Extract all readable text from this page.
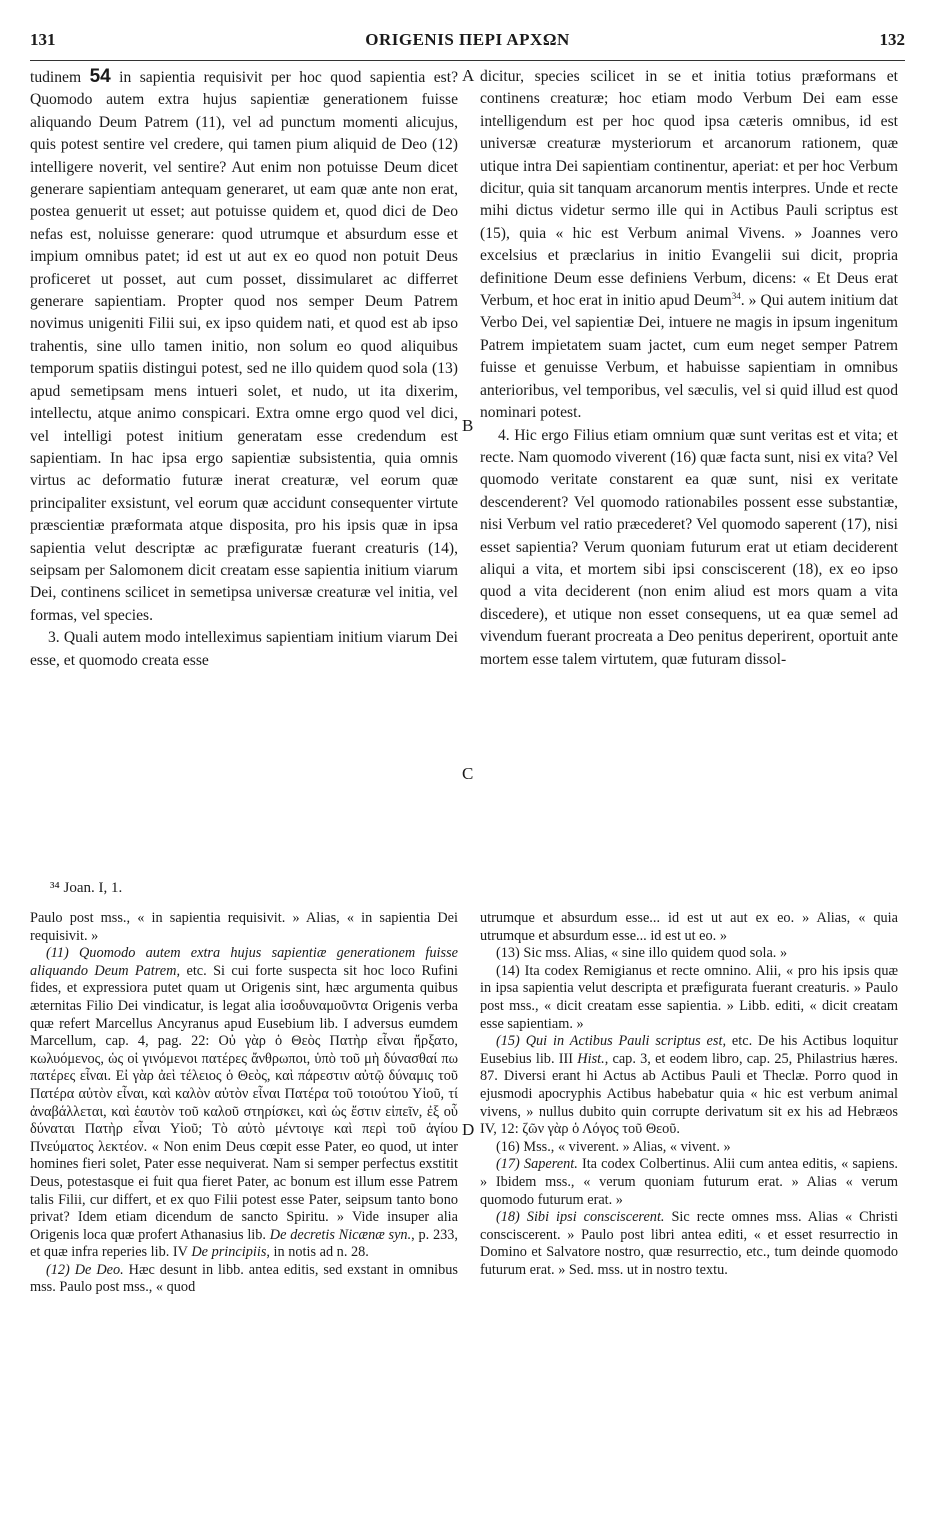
131	ORIGENIS ΠΕΡΙ ΑΡΧΩΝ	132

tudinem 54 in sapientia requisivit per hoc quod sapientia est? Quomodo autem extra hujus sapientiæ generationem fuisse aliquando Deum Patrem (11), vel ad punctum momenti alicujus, quis potest sentire vel credere, qui tamen pium aliquid de Deo (12) intelligere noverit, vel sentire? Aut enim non potuisse Deum dicet generare sapientiam antequam generaret, ut eam quæ ante non erat, postea genuerit ut esset; aut potuisse quidem et, quod dici de Deo nefas est, noluisse generare: quod utrumque et absurdum esse et impium omnibus patet; id est ut aut ex eo quod non potuit Deus proficeret ut posset, aut cum posset, dissimularet ac differret generare sapientiam. Propter quod nos semper Deum Patrem novimus unigeniti Filii sui, ex ipso quidem nati, et quod est ab ipso trahentis, sine ullo tamen initio, non solum eo quod aliquibus temporum spatiis distingui potest, sed ne illo quidem quod sola (13) apud semetipsam mens intueri solet, et nudo, ut ita dixerim, intellectu, atque animo conspicari. Extra omne ergo quod vel dici, vel intelligi potest initium generatam esse credendum est sapientiam. In hac ipsa ergo sapientiæ subsistentia, quia omnis virtus ac deformatio futuræ inerat creaturæ, vel eorum quæ principaliter exsistunt, vel eorum quæ accidunt consequenter virtute præscientiæ præformata atque disposita, pro his ipsis quæ in ipsa sapientia velut descriptæ ac præfiguratæ fuerant creaturis (14), seipsam per Salomonem dicit creatam esse sapientia initium viarum Dei, continens scilicet in semetipsa universæ creaturæ vel initia, vel formas, vel species.

3. Quali autem modo intelleximus sapientiam initium viarum Dei esse, et quomodo creata esse

A
B
C
D

dicitur, species scilicet in se et initia totius præformans et continens creaturæ; hoc etiam modo Verbum Dei eam esse intelligendum est per hoc quod ipsa cæteris omnibus, id est universæ creaturæ mysteriorum et arcanorum rationem, quæ utique intra Dei sapientiam continentur, aperiat: et per hoc Verbum dicitur, quia sit tanquam arcanorum mentis interpres. Unde et recte mihi dictus videtur sermo ille qui in Actibus Pauli scriptus est (15), quia « hic est Verbum animal Vivens. » Joannes vero excelsius et præclarius in initio Evangelii sui dicit, propria definitione Deum esse definiens Verbum, dicens: « Et Deus erat Verbum, et hoc erat in initio apud Deum$^{34}$. » Qui autem initium dat Verbo Dei, vel sapientiæ Dei, intuere ne magis in ipsum ingenitum Patrem impietatem suam jactet, cum eum neget semper Patrem fuisse et genuisse Verbum, et habuisse sapientiam in omnibus anterioribus, vel temporibus, vel sæculis, vel si quid illud est quod nominari potest.

4. Hic ergo Filius etiam omnium quæ sunt veritas est et vita; et recte. Nam quomodo viverent (16) quæ facta sunt, nisi ex vita? Vel quomodo veritate constarent ea quæ sunt, nisi ex veritate descenderent? Vel quomodo rationabiles possent esse substantiæ, nisi Verbum vel ratio præcederet? Vel quomodo saperent (17), nisi esset sapientia? Verum quoniam futurum erat ut etiam deciderent aliqui a vita, et mortem sibi ipsi consciscerent (18), ex eo ipso quod a vita deciderent (non enim aliud est mors quam a vita discedere), et utique non esset consequens, ut ea quæ semel ad vivendum fuerant procreata a Deo penitus deperirent, oportuit ante mortem esse talem virtutem, quæ futuram dissol-

³⁴ Joan. I, 1.

Paulo post mss., « in sapientia requisivit. » Alias, « in sapientia Dei requisivit. »

(11) Quomodo autem extra hujus sapientiæ generationem fuisse aliquando Deum Patrem, etc. Si cui forte suspecta sit hoc loco Rufini fides, et expressiora putet quam ut Origenis sint, hæc argumenta quibus æternitas Filio Dei vindicatur, is legat alia ἰσοδυναμοῦντα Origenis verba quæ refert Marcellus Ancyranus apud Eusebium lib. I adversus eumdem Marcellum, cap. 4, pag. 22: Οὐ γὰρ ὁ Θεὸς Πατὴρ εἶναι ἤρξατο, κωλυόμενος, ὡς οἱ γινόμενοι πατέρες ἄνθρωποι, ὑπὸ τοῦ μὴ δύνασθαί πω πατέρες εἶναι. Εἰ γὰρ ἀεὶ τέλειος ὁ Θεὸς, καὶ πάρεστιν αὐτῷ δύναμις τοῦ Πατέρα αὐτὸν εἶναι, καὶ καλὸν αὐτὸν εἶναι Πατέρα τοῦ τοιούτου Υἱοῦ, τί ἀναβάλλεται, καὶ ἑαυτὸν τοῦ καλοῦ στηρίσκει, καὶ ὡς ἔστιν εἰπεῖν, ἐξ οὗ δύναται Πατὴρ εἶναι Υἱοῦ; Τὸ αὐτὸ μέντοιγε καὶ περὶ τοῦ ἁγίου Πνεύματος λεκτέον. « Non enim Deus cœpit esse Pater, eo quod, ut inter homines fieri solet, Pater esse nequiverat. Nam si semper perfectus exstitit Deus, potestasque ei fuit qua fieret Pater, ac bonum est illum esse Patrem talis Filii, cur differt, et ex quo Filii potest esse Pater, seipsum tanto bono privat? Idem etiam dicendum de sancto Spiritu. » Vide insuper alia Origenis loca quæ profert Athanasius lib. De decretis Nicænæ syn., p. 233, et quæ infra reperies lib. IV De principiis, in notis ad n. 28.

(12) De Deo. Hæc desunt in libb. antea editis, sed exstant in omnibus mss. Paulo post mss., « quod

utrumque et absurdum esse... id est ut aut ex eo. » Alias, « quia utrumque et absurdum esse... id est ut eo. »

(13) Sic mss. Alias, « sine illo quidem quod sola. »

(14) Ita codex Remigianus et recte omnino. Alii, « pro his ipsis quæ in ipsa sapientia velut descripta et præfigurata fuerant creaturis. » Paulo post mss., « dicit creatam esse sapientia. » Libb. editi, « dicit creatam esse sapientiam. »

(15) Qui in Actibus Pauli scriptus est, etc. De his Actibus loquitur Eusebius lib. III Hist., cap. 3, et eodem libro, cap. 25, Philastrius hæres. 87. Diversi erant hi Actus ab Actibus Pauli et Theclæ. Porro quod in ejusmodi apocryphis Actibus habebatur quia « hic est verbum animal vivens, » nullus dubito quin corrupte derivatum sit ex his ad Hebræos IV, 12: ζῶν γὰρ ὁ Λόγος τοῦ Θεοῦ.

(16) Mss., « viverent. » Alias, « vivent. »

(17) Saperent. Ita codex Colbertinus. Alii cum antea editis, « sapiens. » Ibidem mss., « verum quoniam futurum erat. » Alias « verum quomodo futurum erat. »

(18) Sibi ipsi consciscerent. Sic recte omnes mss. Alias « Christi consciscerent. » Paulo post libri antea editi, « et esset resurrectio in Domino et Salvatore nostro, quæ resurrectio, etc., tum deinde quomodo futurum erat. » Sed. mss. ut in nostro textu.
